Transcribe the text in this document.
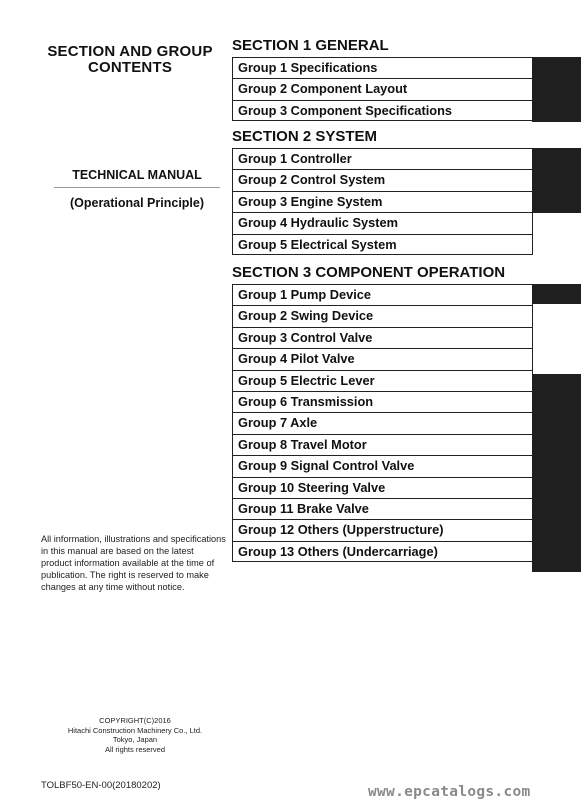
SECTION AND GROUP
CONTENTS
TECHNICAL MANUAL
(Operational Principle)
All information, illustrations and specifications in this manual are based on the latest product information available at the time of publication. The right is reserved to make changes at any time without notice.
COPYRIGHT(C)2016
Hitachi Construction Machinery Co., Ltd.
Tokyo, Japan
All rights reserved
TOLBF50-EN-00(20180202)	www.epcatalogs.com
SECTION 1 GENERAL
Group 1 Specifications
Group 2 Component Layout
Group 3 Component Specifications
SECTION 2 SYSTEM
Group 1 Controller
Group 2 Control System
Group 3 Engine System
Group 4 Hydraulic System
Group 5 Electrical System
SECTION 3 COMPONENT OPERATION
Group 1 Pump Device
Group 2 Swing Device
Group 3 Control Valve
Group 4 Pilot Valve
Group 5 Electric Lever
Group 6 Transmission
Group 7 Axle
Group 8 Travel Motor
Group 9 Signal Control Valve
Group 10 Steering Valve
Group 11 Brake Valve
Group 12 Others (Upperstructure)
Group 13 Others (Undercarriage)
